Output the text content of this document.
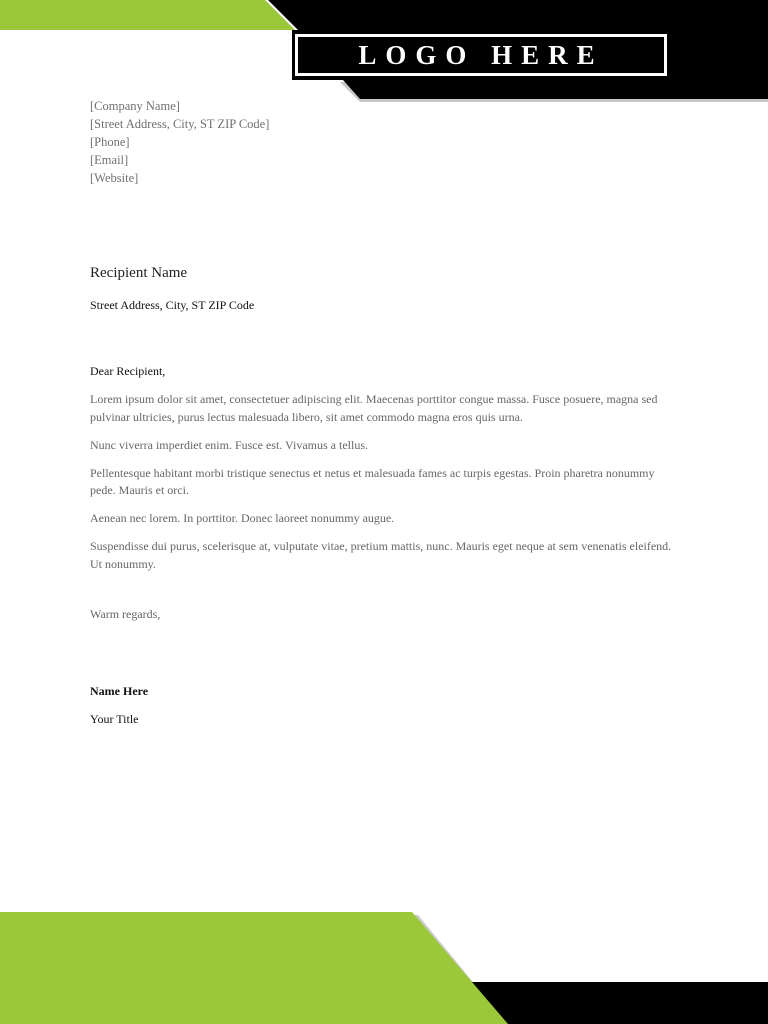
LOGO HERE
[Company Name]
[Street Address, City, ST ZIP Code]
[Phone]
[Email]
[Website]
Recipient Name
Street Address, City, ST ZIP Code
Dear Recipient,

Lorem ipsum dolor sit amet, consectetuer adipiscing elit. Maecenas porttitor congue massa. Fusce posuere, magna sed pulvinar ultricies, purus lectus malesuada libero, sit amet commodo magna eros quis urna.

Nunc viverra imperdiet enim. Fusce est. Vivamus a tellus.

Pellentesque habitant morbi tristique senectus et netus et malesuada fames ac turpis egestas. Proin pharetra nonummy pede. Mauris et orci.

Aenean nec lorem. In porttitor. Donec laoreet nonummy augue.

Suspendisse dui purus, scelerisque at, vulputate vitae, pretium mattis, nunc. Mauris eget neque at sem venenatis eleifend. Ut nonummy.

Warm regards,
Name Here
Your Title
